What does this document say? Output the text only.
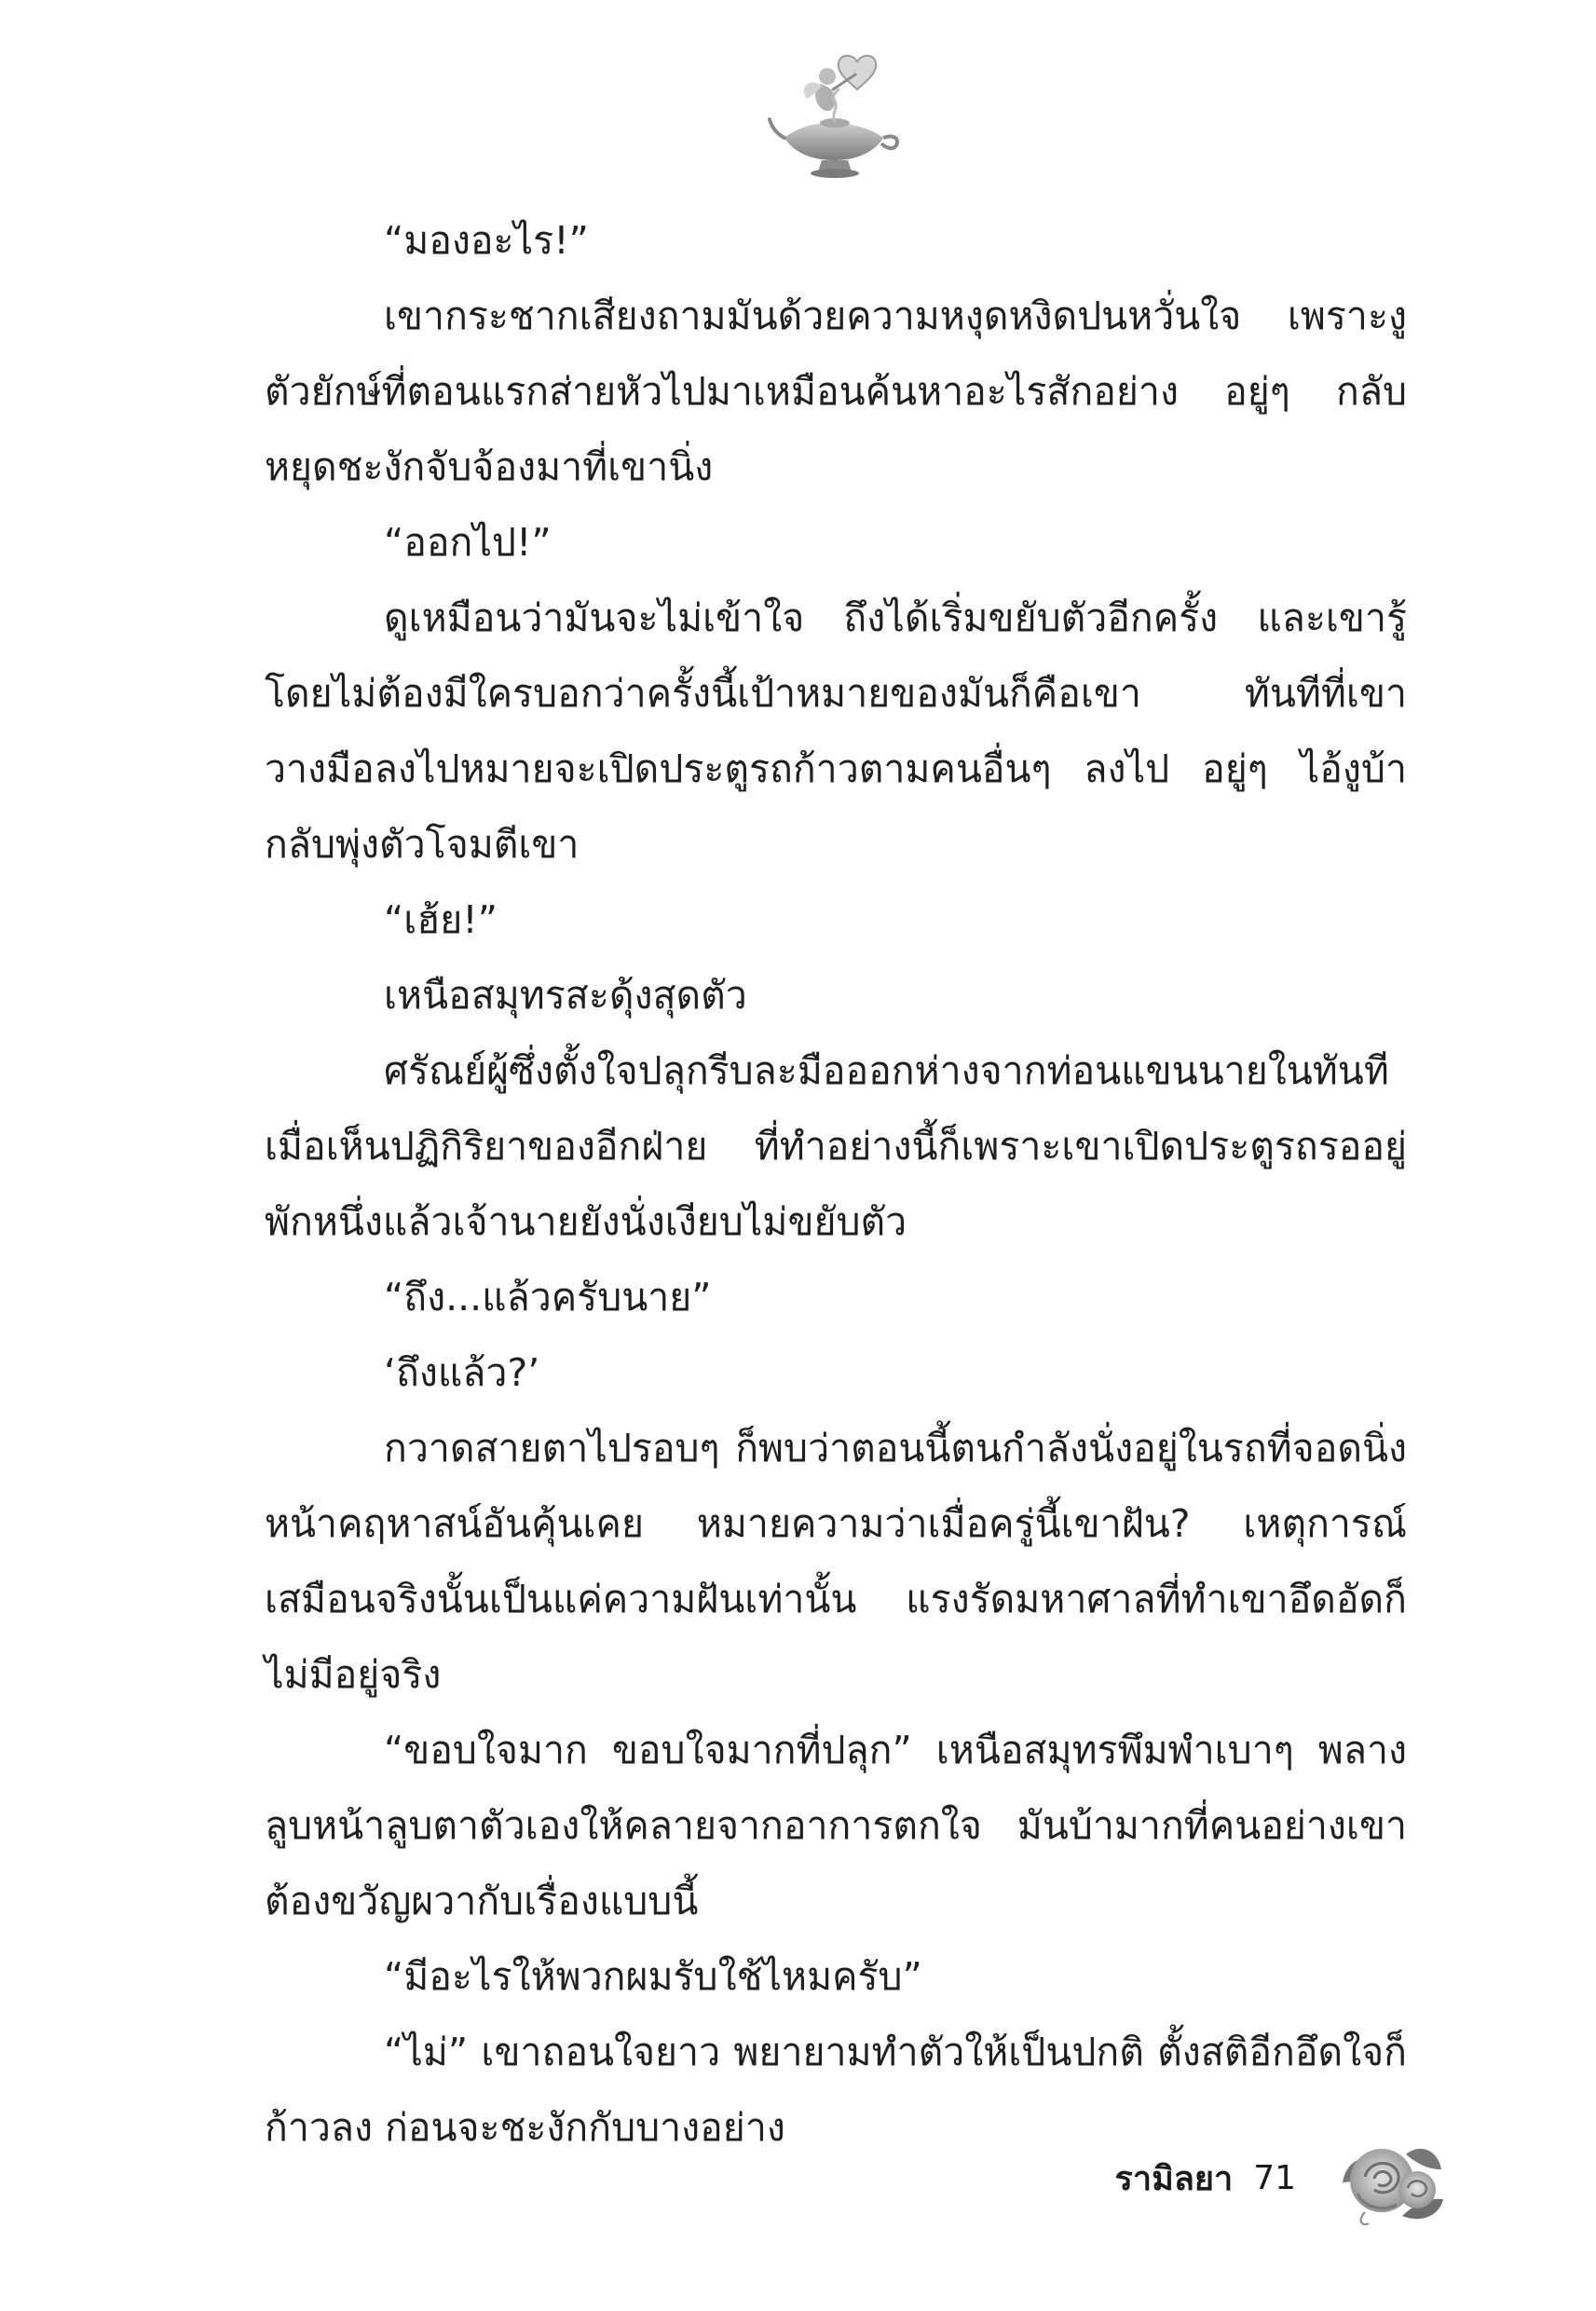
“มองอะไร!”

เขากระชากเสียงถามมันด้วยความหงุดหงิดปนหวั่นใจ เพราะงูตัวยักษ์ที่ตอนแรกส่ายหัวไปมาเหมือนค้นหาอะไรสักอย่าง อยู่ๆ กลับหยุดชะงักจับจ้องมาที่เขานิ่ง

“ออกไป!”

ดูเหมือนว่ามันจะไม่เข้าใจ ถึงได้เริ่มขยับตัวอีกครั้ง และเขารู้โดยไม่ต้องมีใครบอกว่าครั้งนี้เป้าหมายของมันก็คือเขา ทันทีที่เขาวางมือลงไปหมายจะเปิดประตูรถก้าวตามคนอื่นๆ ลงไป อยู่ๆ ไอ้งูบ้ากลับพุ่งตัวโจมตีเขา

“เฮ้ย!”

เหนือสมุทรสะดุ้งสุดตัว

ศรัณย์ผู้ซึ่งตั้งใจปลุกรีบละมือออกห่างจากท่อนแขนนายในทันทีเมื่อเห็นปฏิกิริยาของอีกฝ่าย ที่ทำอย่างนี้ก็เพราะเขาเปิดประตูรถรออยู่พักหนึ่งแล้วเจ้านายยังนั่งเงียบไม่ขยับตัว

“ถึง...แล้วครับนาย”

‘ถึงแล้ว?’

กวาดสายตาไปรอบๆ ก็พบว่าตอนนี้ตนกำลังนั่งอยู่ในรถที่จอดนิ่งหน้าคฤหาสน์อันคุ้นเคย หมายความว่าเมื่อครู่นี้เขาฝัน? เหตุการณ์เสมือนจริงนั้นเป็นแค่ความฝันเท่านั้น แรงรัดมหาศาลที่ทำเขาอึดอัดก็ไม่มีอยู่จริง

“ขอบใจมาก ขอบใจมากที่ปลุก” เหนือสมุทรพึมพำเบาๆ พลางลูบหน้าลูบตาตัวเองให้คลายจากอาการตกใจ มันบ้ามากที่คนอย่างเขาต้องขวัญผวากับเรื่องแบบนี้

“มีอะไรให้พวกผมรับใช้ไหมครับ”

“ไม่” เขาถอนใจยาว พยายามทำตัวให้เป็นปกติ ตั้งสติอีกอึดใจก็ก้าวลง ก่อนจะชะงักกับบางอย่าง

รามิลยา 71
